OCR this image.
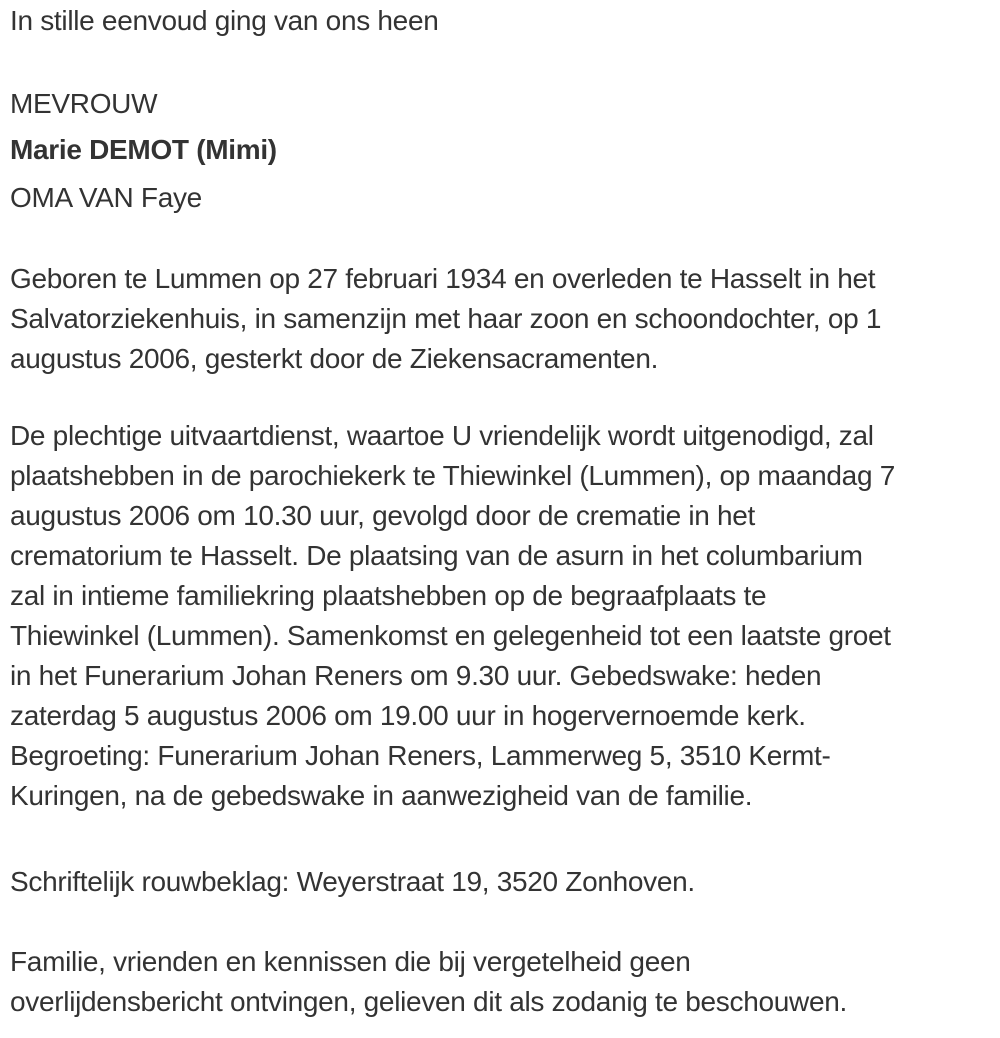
In stille eenvoud ging van ons heen

MEVROUW

Marie DEMOT (Mimi)

OMA VAN Faye

Geboren te Lummen op 27 februari 1934 en overleden te Hasselt in het
Salvatorziekenhuis, in samenzijn met haar zoon en schoondochter, op 1
augustus 2006, gesterkt door de Ziekensacramenten.
De plechtige uitvaartdienst, waartoe U vriendelijk wordt uitgenodigd, zal
plaatshebben in de parochiekerk te Thiewinkel (Lummen), op maandag 7
augustus 2006 om 10.30 uur, gevolgd door de crematie in het
crematorium te Hasselt. De plaatsing van de asurn in het columbarium
zal in intieme familiekring plaatshebben op de begraafplaats te
Thiewinkel (Lummen). Samenkomst en gelegenheid tot een laatste groet
in het Funerarium Johan Reners om 9.30 uur. Gebedswake: heden
zaterdag 5 augustus 2006 om 19.00 uur in hogervernoemde kerk.
Begroeting: Funerarium Johan Reners, Lammerweg 5, 3510 Kermt-
Kuringen, na de gebedswake in aanwezigheid van de familie.

Schriftelijk rouwbeklag: Weyerstraat 19, 3520 Zonhoven.

Familie, vrienden en kennissen die bij vergetelheid geen
overlijdensbericht ontvingen, gelieven dit als zodanig te beschouwen.
